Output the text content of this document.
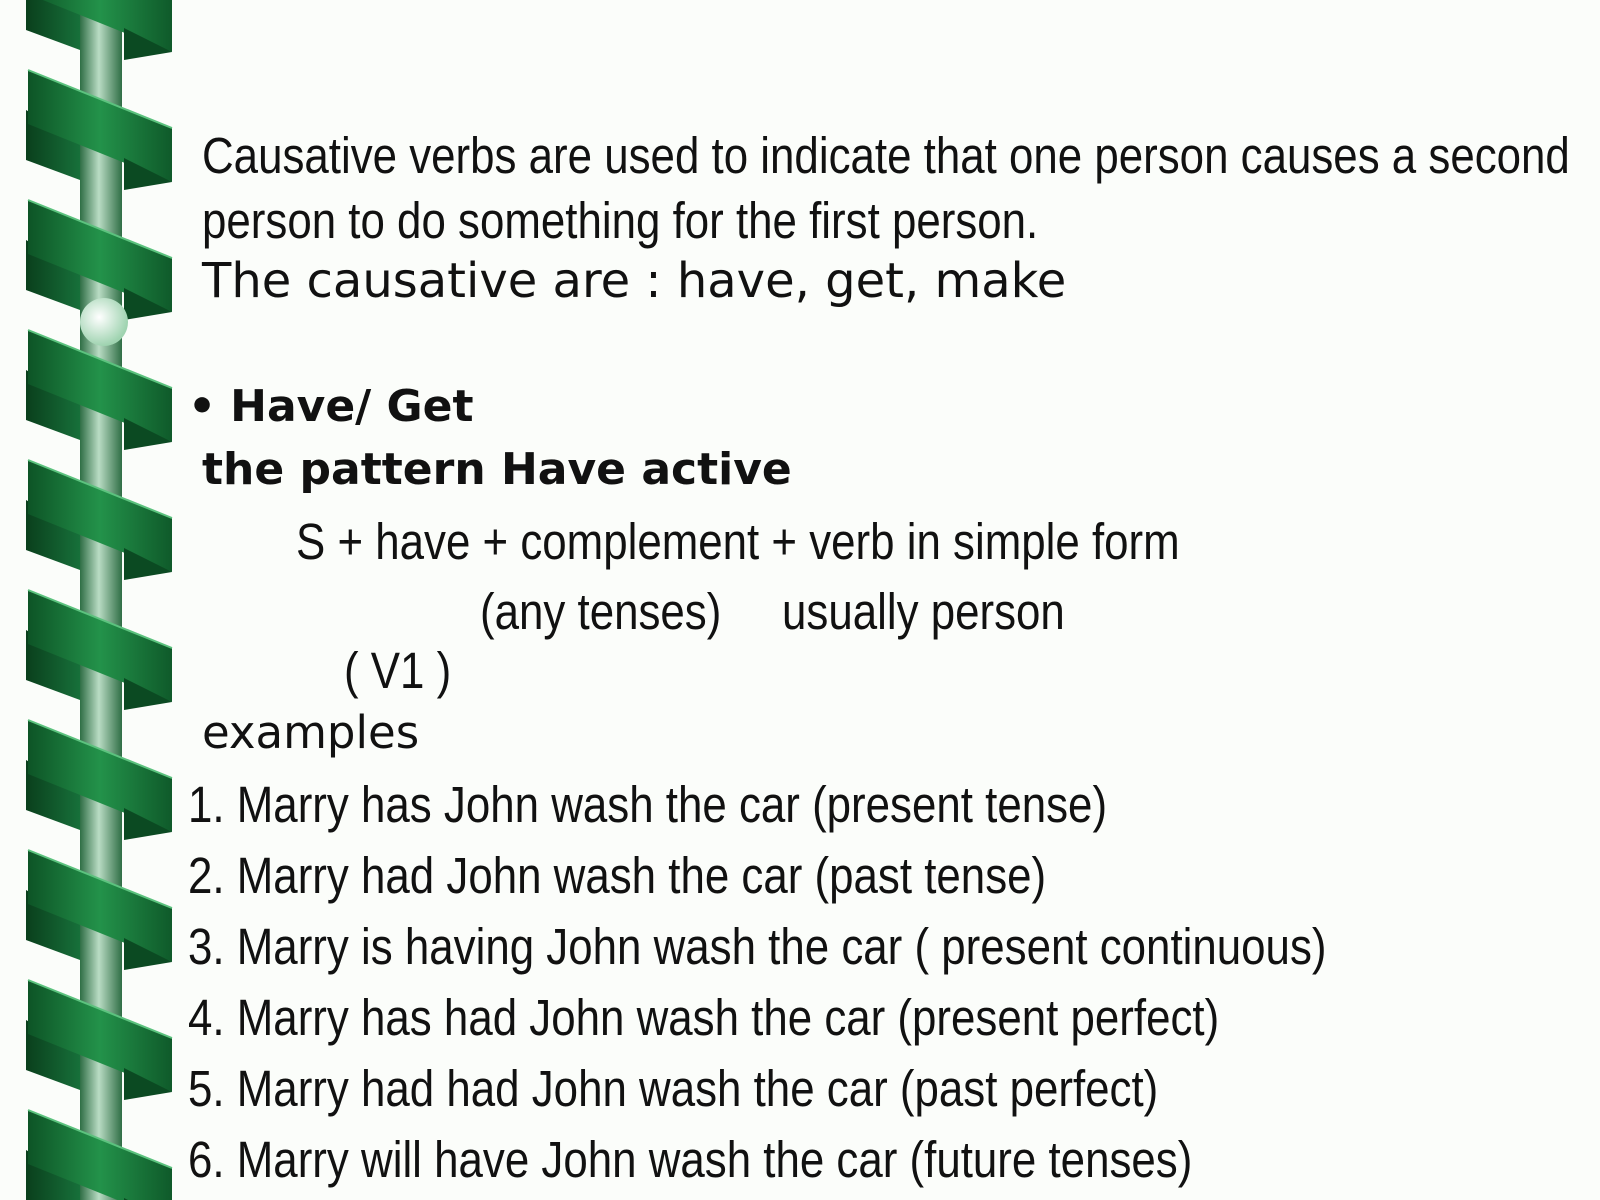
Causative verbs are used to indicate that one person causes a second
person to do something for the first person.
The causative are : have, get, make
• Have/ Get
the pattern Have active
S + have + complement + verb in simple form
(any tenses) usually person
( V1 )
examples
1. Marry has John wash the car (present tense)
2. Marry had John wash the car (past tense)
3. Marry is having John wash the car ( present continuous)
4. Marry has had John wash the car (present perfect)
5. Marry had had John wash the car (past perfect)
6. Marry will have John wash the car (future tenses)
